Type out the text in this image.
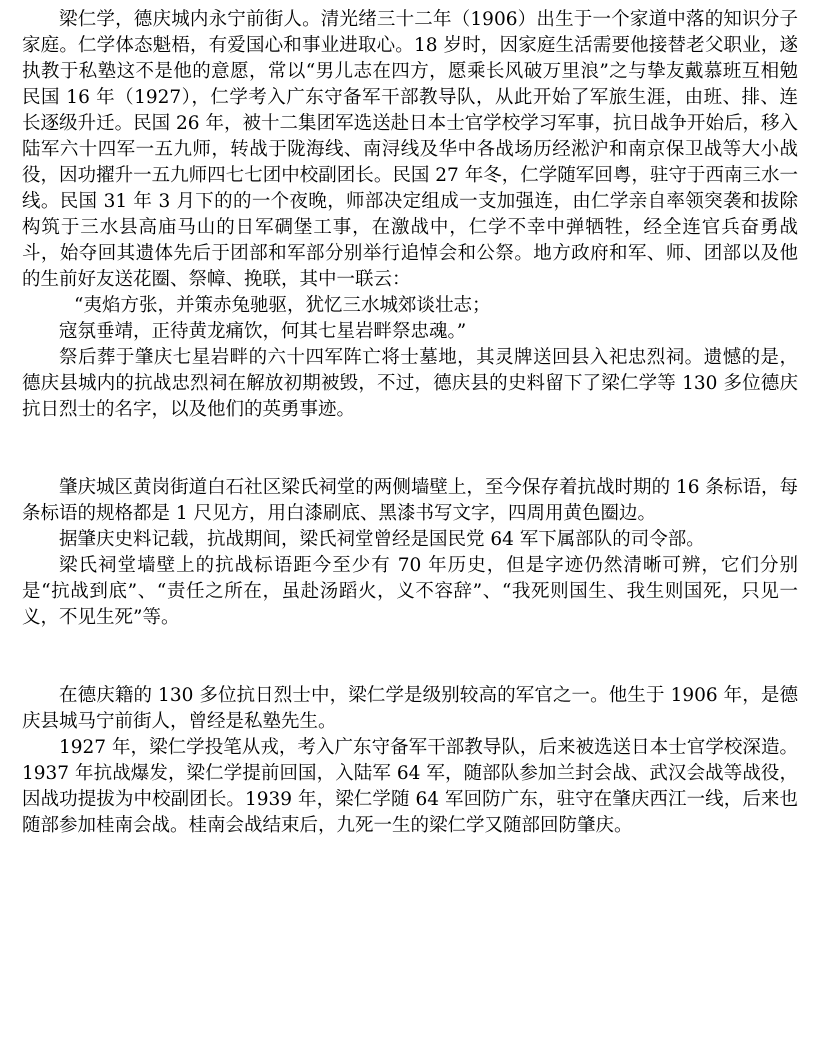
梁仁学，德庆城内永宁前街人。清光绪三十二年（1906）出生于一个家道中落的知识分子家庭。仁学体态魁梧，有爱国心和事业进取心。18 岁时，因家庭生活需要他接替老父职业，遂执教于私塾这不是他的意愿，常以“男儿志在四方，愿乘长风破万里浪”之与挚友戴慕班互相勉民国 16 年（1927），仁学考入广东守备军干部教导队，从此开始了军旅生涯，由班、排、连长逐级升迁。民国 26 年，被十二集团军选送赴日本士官学校学习军事，抗日战争开始后，移入陆军六十四军一五九师，转战于陇海线、南浔线及华中各战场历经淞沪和南京保卫战等大小战役，因功擢升一五九师四七七团中校副团长。民国 27 年冬，仁学随军回粤，驻守于西南三水一线。民国 31 年 3 月下的的一个夜晚，师部决定组成一支加强连，由仁学亲自率领突袭和拔除构筑于三水县高庙马山的日军碉堡工事，在激战中，仁学不幸中弹牺牲，经全连官兵奋勇战斗，始夺回其遗体先后于团部和军部分别举行追悼会和公祭。地方政府和军、师、团部以及他的生前好友送花圈、祭幛、挽联，其中一联云：

“夷焰方张，并策赤兔驰驱，犹忆三水城郊谈壮志；

寇氛垂靖，正待黄龙痛饮，何其七星岩畔祭忠魂。”

祭后葬于肇庆七星岩畔的六十四军阵亡将士墓地，其灵牌送回县入祀忠烈祠。遗憾的是，德庆县城内的抗战忠烈祠在解放初期被毁，不过，德庆县的史料留下了梁仁学等 130 多位德庆抗日烈士的名字，以及他们的英勇事迹。

肇庆城区黄岗街道白石社区梁氏祠堂的两侧墙壁上，至今保存着抗战时期的 16 条标语，每条标语的规格都是 1 尺见方，用白漆刷底、黑漆书写文字，四周用黄色圈边。

据肇庆史料记载，抗战期间，梁氏祠堂曾经是国民党 64 军下属部队的司令部。

梁氏祠堂墙壁上的抗战标语距今至少有 70 年历史，但是字迹仍然清晰可辨，它们分别是“抗战到底”、“责任之所在，虽赴汤蹈火，义不容辞”、“我死则国生、我生则国死，只见一义，不见生死”等。

在德庆籍的 130 多位抗日烈士中，梁仁学是级别较高的军官之一。他生于 1906 年，是德庆县城马宁前街人，曾经是私塾先生。

1927 年，梁仁学投笔从戎，考入广东守备军干部教导队，后来被选送日本士官学校深造。1937 年抗战爆发，梁仁学提前回国，入陆军 64 军，随部队参加兰封会战、武汉会战等战役，因战功提拔为中校副团长。1939 年，梁仁学随 64 军回防广东，驻守在肇庆西江一线，后来也随部参加桂南会战。桂南会战结束后，九死一生的梁仁学又随部回防肇庆。
